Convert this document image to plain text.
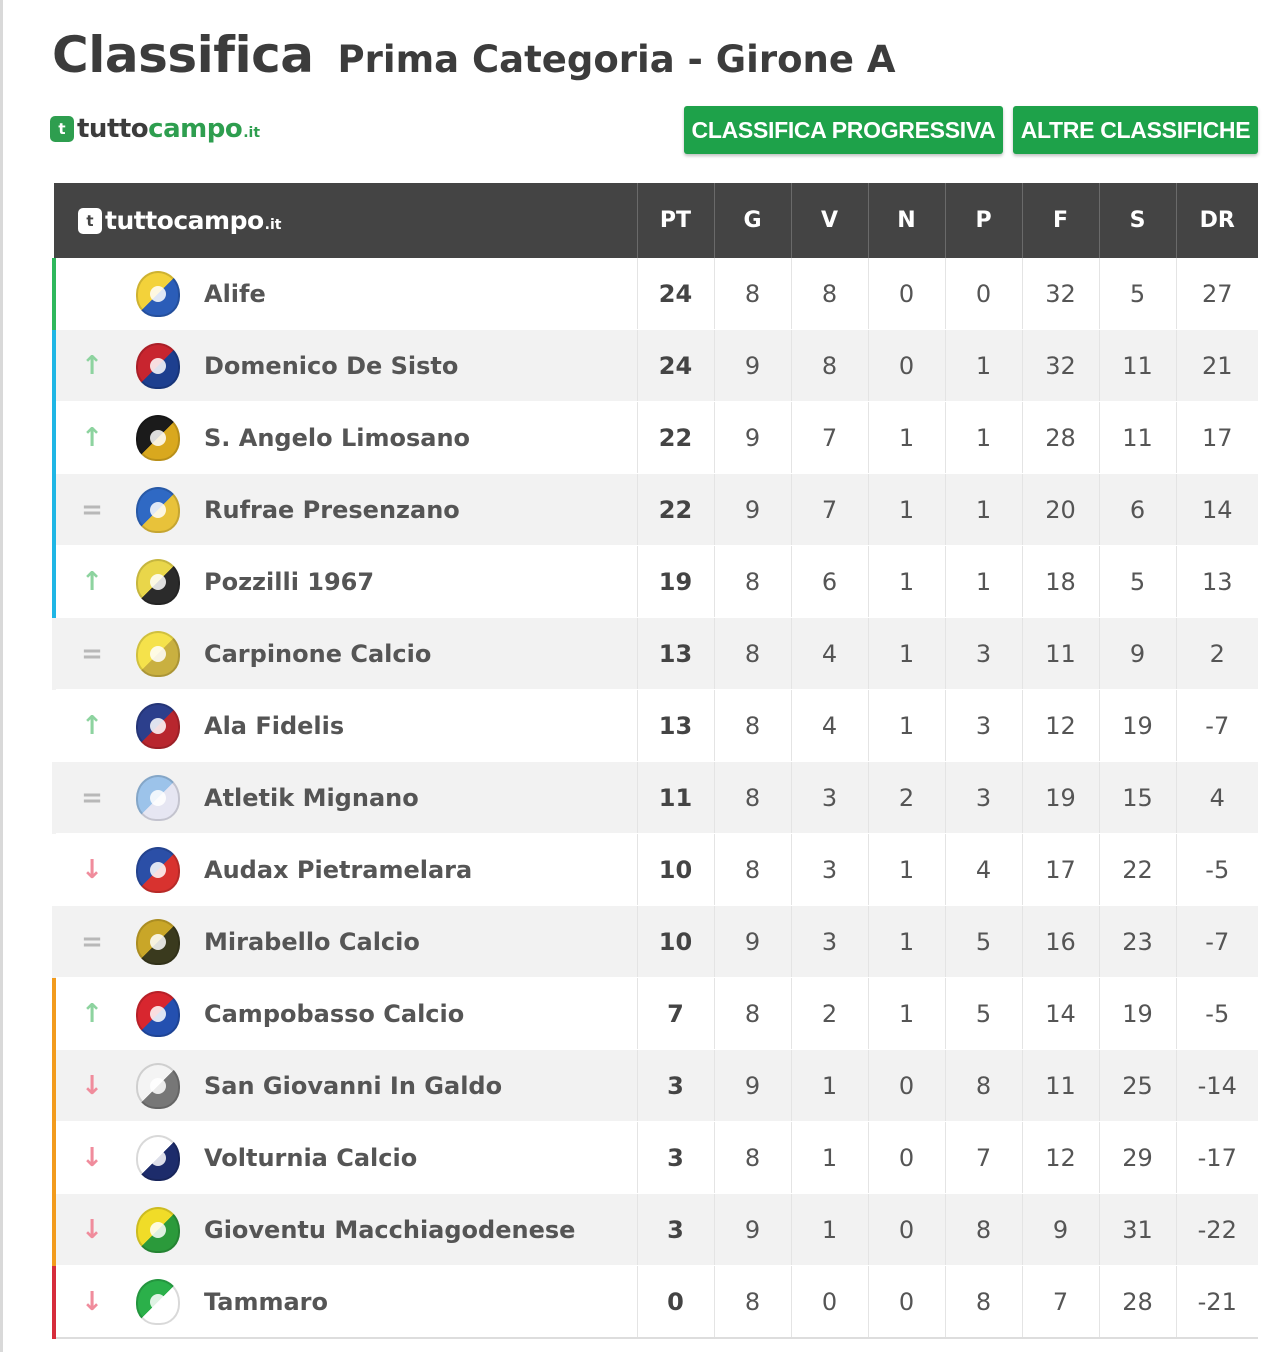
Classifica Prima Categoria - Girone A
t tutto campo .it	CLASSIFICA PROGRESSIVA	ALTRE CLASSIFICHE
t tutto campo .it	PT	G	V	N	P	F	S	DR

Alife	24	8	8	0	0	32	5	27

↑ Domenico De Sisto	24	9	8	0	1	32	11	21

↑ S. Angelo Limosano	22	9	7	1	1	28	11	17

= Rufrae Presenzano	22	9	7	1	1	20	6	14

↑ Pozzilli 1967	19	8	6	1	1	18	5	13

= Carpinone Calcio	13	8	4	1	3	11	9	2

↑ Ala Fidelis	13	8	4	1	3	12	19	-7

= Atletik Mignano	11	8	3	2	3	19	15	4

↓ Audax Pietramelara	10	8	3	1	4	17	22	-5

= Mirabello Calcio	10	9	3	1	5	16	23	-7

↑ Campobasso Calcio	7	8	2	1	5	14	19	-5

↓ San Giovanni In Galdo	3	9	1	0	8	11	25	-14

↓ Volturnia Calcio	3	8	1	0	7	12	29	-17

↓ Gioventu Macchiagodenese	3	9	1	0	8	9	31	-22

↓ Tammaro	0	8	0	0	8	7	28	-21
